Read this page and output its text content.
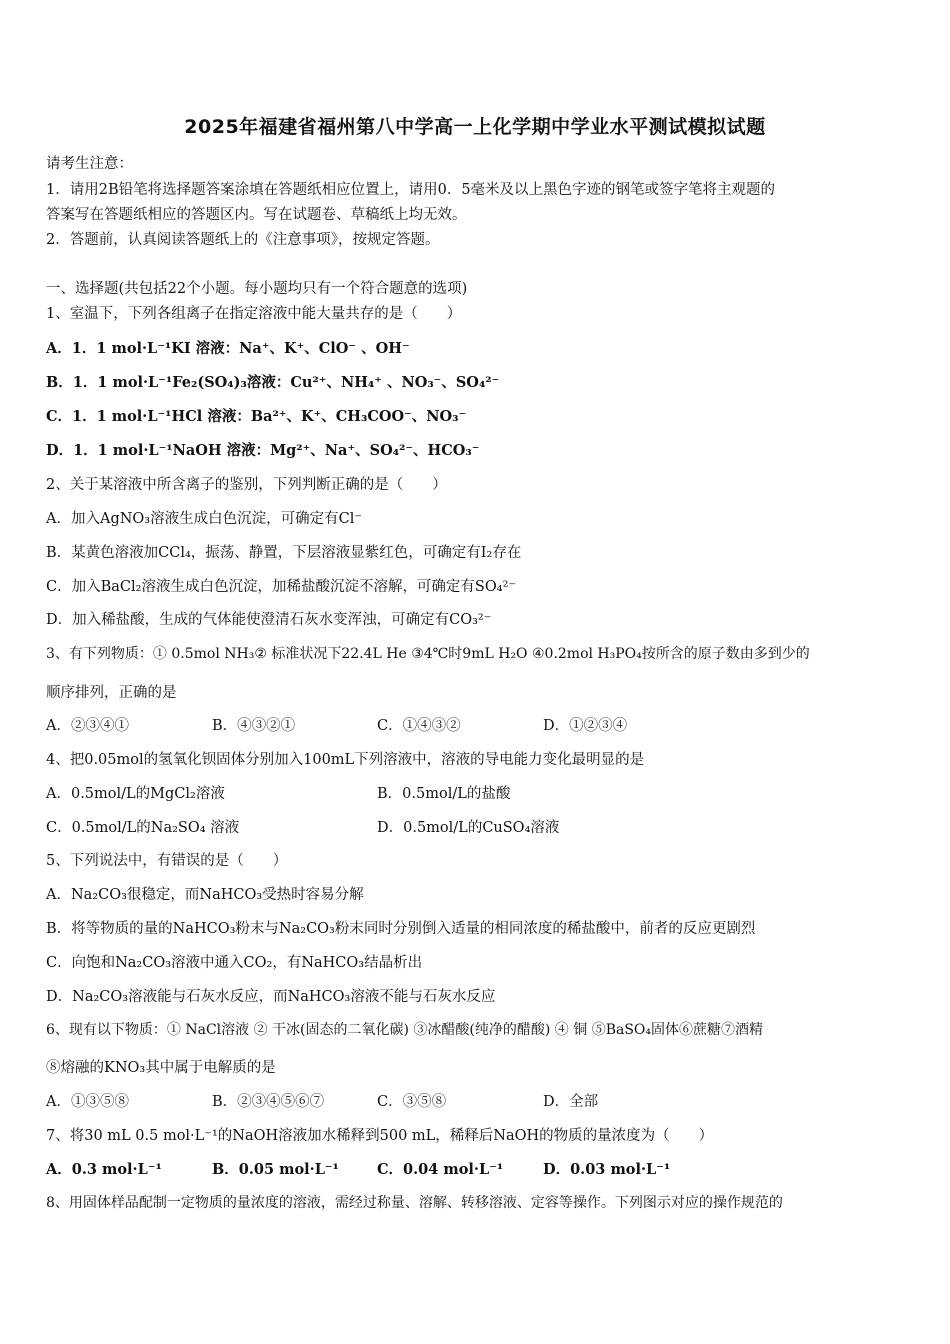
2025年福建省福州第八中学高一上化学期中学业水平测试模拟试题
请考生注意：
1．请用2B铅笔将选择题答案涂填在答题纸相应位置上，请用0．5毫米及以上黑色字迹的钢笔或签字笔将主观题的
答案写在答题纸相应的答题区内。写在试题卷、草稿纸上均无效。
2．答题前，认真阅读答题纸上的《注意事项》，按规定答题。
一、选择题(共包括22个小题。每小题均只有一个符合题意的选项)
1、室温下，下列各组离子在指定溶液中能大量共存的是（　　）
A．1．1 mol·L⁻¹KI 溶液：Na⁺、K⁺、ClO⁻ 、OH⁻
B．1．1 mol·L⁻¹Fe₂(SO₄)₃溶液：Cu²⁺、NH₄⁺ 、NO₃⁻、SO₄²⁻
C．1．1 mol·L⁻¹HCl 溶液：Ba²⁺、K⁺、CH₃COO⁻、NO₃⁻
D．1．1 mol·L⁻¹NaOH 溶液：Mg²⁺、Na⁺、SO₄²⁻、HCO₃⁻
2、关于某溶液中所含离子的鉴别，下列判断正确的是（　　）
A．加入AgNO₃溶液生成白色沉淀，可确定有Cl⁻
B．某黄色溶液加CCl₄，振荡、静置，下层溶液显紫红色，可确定有I₂存在
C．加入BaCl₂溶液生成白色沉淀，加稀盐酸沉淀不溶解，可确定有SO₄²⁻
D．加入稀盐酸，生成的气体能使澄清石灰水变浑浊，可确定有CO₃²⁻
3、有下列物质：① 0.5mol NH₃② 标准状况下22.4L He ③4℃时9mL H₂O ④0.2mol H₃PO₄按所含的原子数由多到少的
顺序排列，正确的是
A．②③④①	B．④③②①	C．①④③②	D．①②③④
4、把0.05mol的氢氧化钡固体分别加入100mL下列溶液中，溶液的导电能力变化最明显的是
A．0.5mol/L的MgCl₂溶液	B．0.5mol/L的盐酸
C．0.5mol/L的Na₂SO₄ 溶液	D．0.5mol/L的CuSO₄溶液
5、下列说法中，有错误的是（　　）
A．Na₂CO₃很稳定，而NaHCO₃受热时容易分解
B．将等物质的量的NaHCO₃粉末与Na₂CO₃粉末同时分别倒入适量的相同浓度的稀盐酸中，前者的反应更剧烈
C．向饱和Na₂CO₃溶液中通入CO₂，有NaHCO₃结晶析出
D．Na₂CO₃溶液能与石灰水反应，而NaHCO₃溶液不能与石灰水反应
6、现有以下物质：① NaCl溶液 ② 干冰(固态的二氧化碳) ③冰醋酸(纯净的醋酸) ④ 铜 ⑤BaSO₄固体⑥蔗糖⑦酒精
⑧熔融的KNO₃其中属于电解质的是
A．①③⑤⑧	B．②③④⑤⑥⑦	C．③⑤⑧	D．全部
7、将30 mL 0.5 mol·L⁻¹的NaOH溶液加水稀释到500 mL，稀释后NaOH的物质的量浓度为（　　）
A．0.3 mol·L⁻¹	B．0.05 mol·L⁻¹	C．0.04 mol·L⁻¹	D．0.03 mol·L⁻¹
8、用固体样品配制一定物质的量浓度的溶液，需经过称量、溶解、转移溶液、定容等操作。下列图示对应的操作规范的
